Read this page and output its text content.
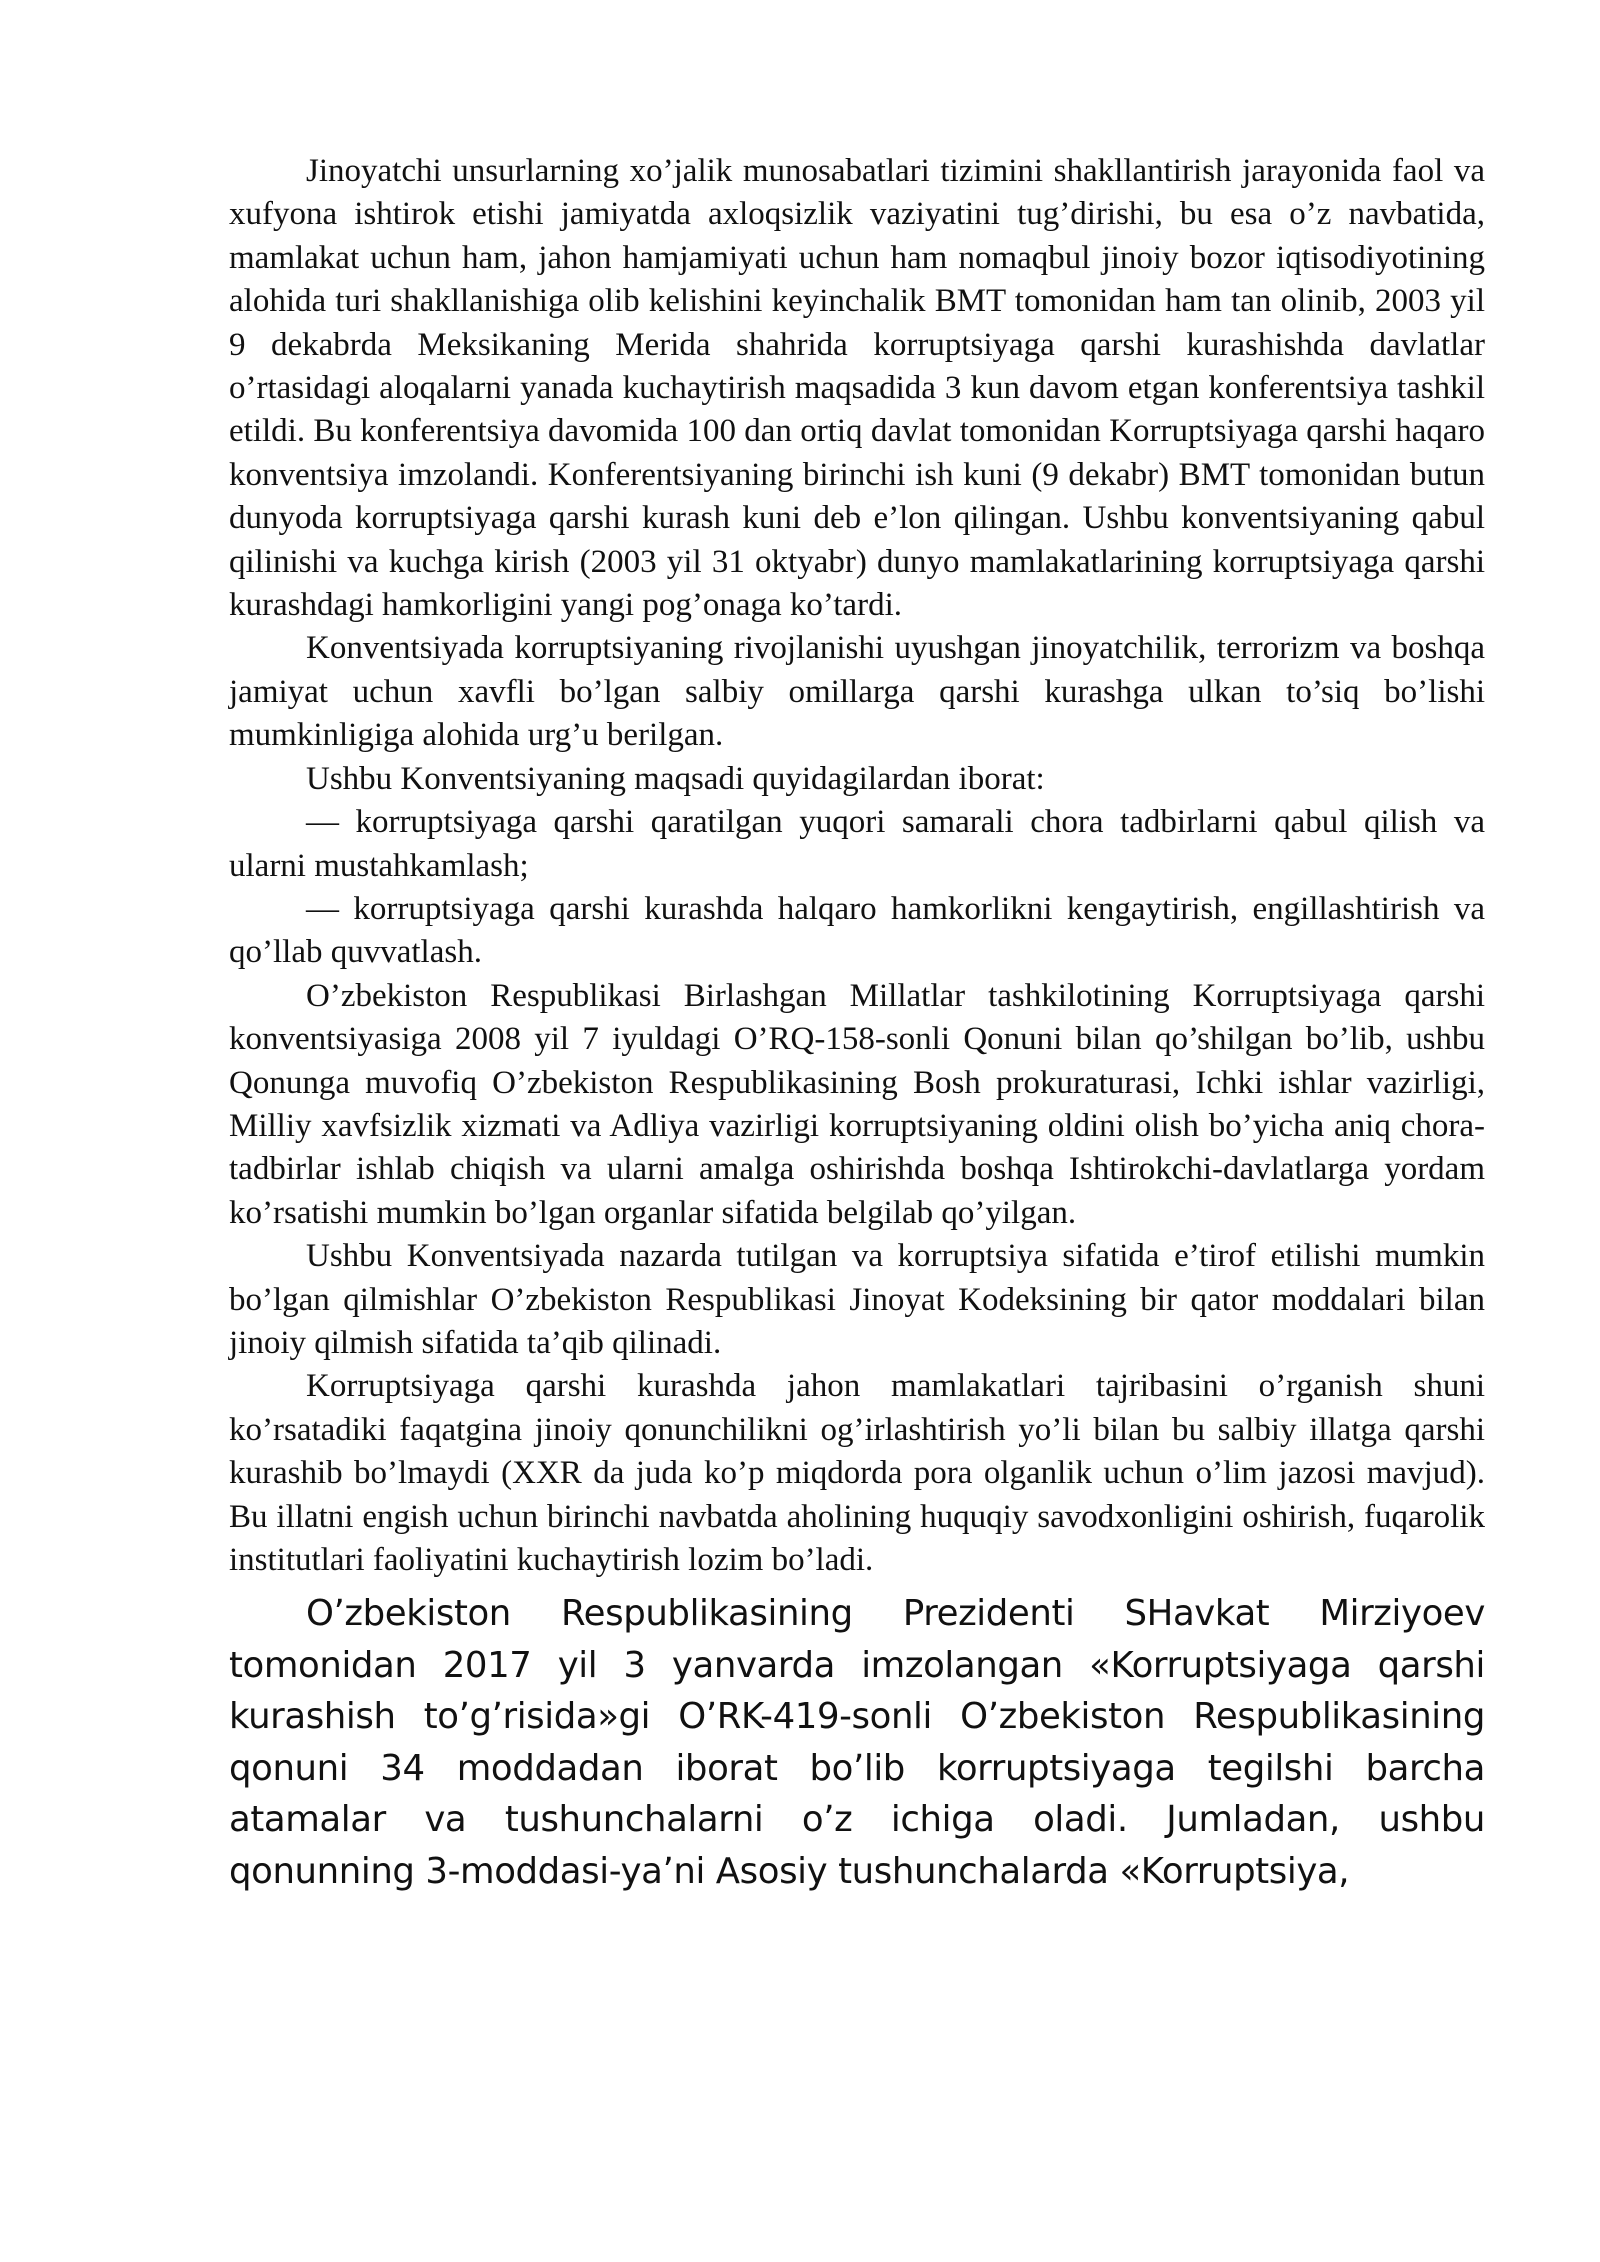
Jinoyatchi unsurlarning xo’jalik munosabatlari tizimini shakllantirish jarayonida faol va xufyona ishtirok etishi jamiyatda axloqsizlik vaziyatini tug’dirishi, bu esa o’z navbatida, mamlakat uchun ham, jahon hamjamiyati uchun ham nomaqbul jinoiy bozor iqtisodiyotining alohida turi shakllanishiga olib kelishini keyinchalik BMT tomonidan ham tan olinib, 2003 yil 9 dekabrda Meksikaning Merida shahrida korruptsiyaga qarshi kurashishda davlatlar o’rtasidagi aloqalarni yanada kuchaytirish maqsadida 3 kun davom etgan konferentsiya tashkil etildi. Bu konferentsiya davomida 100 dan ortiq davlat tomonidan Korruptsiyaga qarshi haqaro konventsiya imzolandi. Konferentsiyaning birinchi ish kuni (9 dekabr) BMT tomonidan butun dunyoda korruptsiyaga qarshi kurash kuni deb e’lon qilingan. Ushbu konventsiyaning qabul qilinishi va kuchga kirish (2003 yil 31 oktyabr) dunyo mamlakatlarining korruptsiyaga qarshi kurashdagi hamkorligini yangi pog’onaga ko’tardi.

Konventsiyada korruptsiyaning rivojlanishi uyushgan jinoyatchilik, terrorizm va boshqa jamiyat uchun xavfli bo’lgan salbiy omillarga qarshi kurashga ulkan to’siq bo’lishi mumkinligiga alohida urg’u berilgan.

Ushbu Konventsiyaning maqsadi quyidagilardan iborat:

— korruptsiyaga qarshi qaratilgan yuqori samarali chora tadbirlarni qabul qilish va ularni mustahkamlash;

— korruptsiyaga qarshi kurashda halqaro hamkorlikni kengaytirish, engillashtirish va qo’llab quvvatlash.

O’zbekiston Respublikasi Birlashgan Millatlar tashkilotining Korruptsiyaga qarshi konventsiyasiga 2008 yil 7 iyuldagi O’RQ-158-sonli Qonuni bilan qo’shilgan bo’lib, ushbu Qonunga muvofiq O’zbekiston Respublikasining Bosh prokuraturasi, Ichki ishlar vazirligi, Milliy xavfsizlik xizmati va Adliya vazirligi korruptsiyaning oldini olish bo’yicha aniq chora-tadbirlar ishlab chiqish va ularni amalga oshirishda boshqa Ishtirokchi-davlatlarga yordam ko’rsatishi mumkin bo’lgan organlar sifatida belgilab qo’yilgan.

Ushbu Konventsiyada nazarda tutilgan va korruptsiya sifatida e’tirof etilishi mumkin bo’lgan qilmishlar O’zbekiston Respublikasi Jinoyat Kodeksining bir qator moddalari bilan jinoiy qilmish sifatida ta’qib qilinadi.

Korruptsiyaga qarshi kurashda jahon mamlakatlari tajribasini o’rganish shuni ko’rsatadiki faqatgina jinoiy qonunchilikni og’irlashtirish yo’li bilan bu salbiy illatga qarshi kurashib bo’lmaydi (XXR da juda ko’p miqdorda pora olganlik uchun o’lim jazosi mavjud). Bu illatni engish uchun birinchi navbatda aholining huquqiy savodxonligini oshirish, fuqarolik institutlari faoliyatini kuchaytirish lozim bo’ladi.

O’zbekiston Respublikasining Prezidenti SHavkat Mirziyoev tomonidan 2017 yil 3 yanvarda imzolangan «Korruptsiyaga qarshi kurashish to’g’risida»gi O’RK-419-sonli O’zbekiston Respublikasining qonuni 34 moddadan iborat bo’lib korruptsiyaga tegilshi barcha atamalar va tushunchalarni o’z ichiga oladi. Jumladan, ushbu qonunning 3-moddasi-ya’ni Asosiy tushunchalarda «Korruptsiya,
